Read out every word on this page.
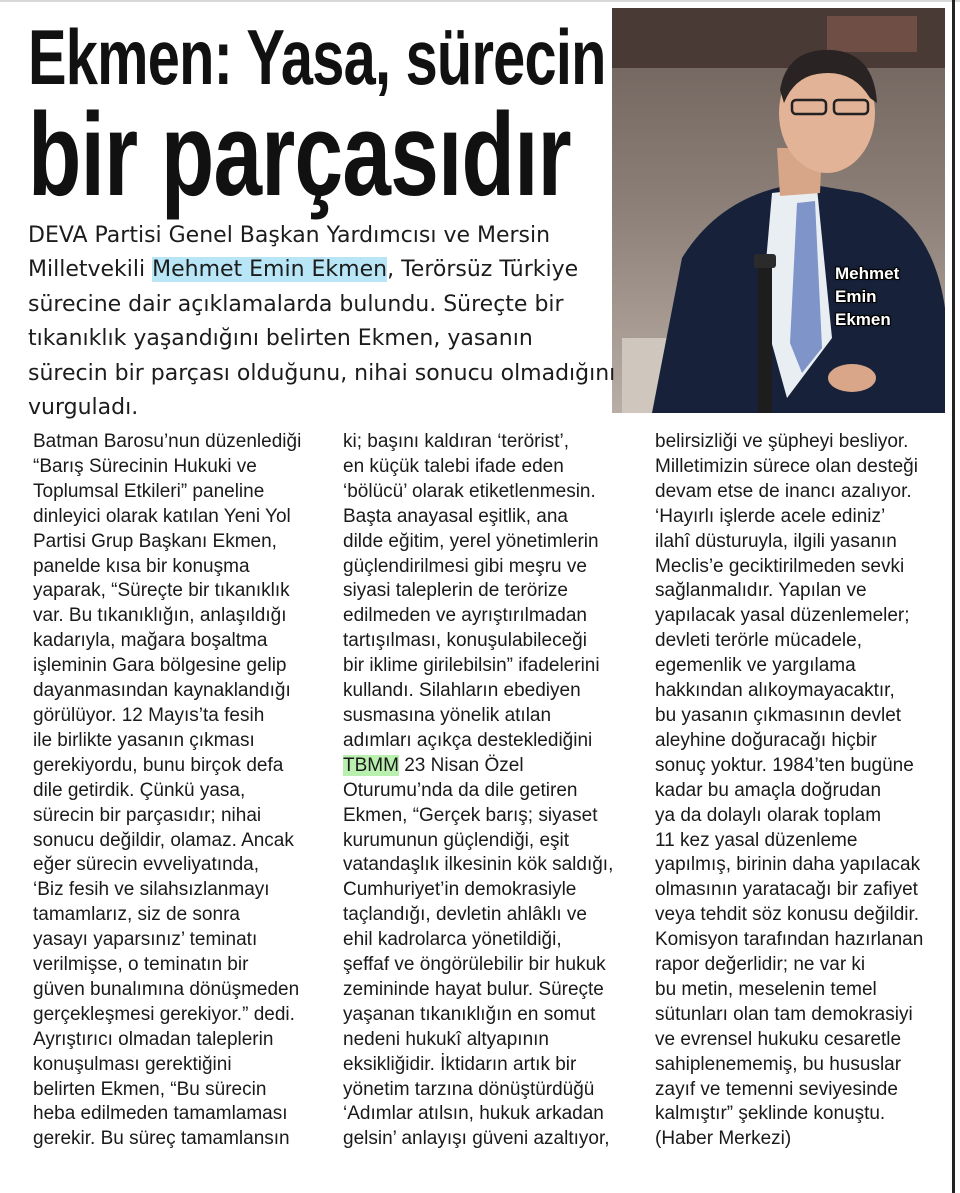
Ekmen: Yasa, sürecin
bir parçasıdır
Mehmet
Emin
Ekmen

DEVA Partisi Genel Başkan Yardımcısı ve Mersin Milletvekili Mehmet Emin Ekmen, Terörsüz Türkiye sürecine dair açıklamalarda bulundu. Süreçte bir tıkanıklık yaşandığını belirten Ekmen, yasanın sürecin bir parçası olduğunu, nihai sonucu olmadığını vurguladı.

Batman Barosu’nun düzenlediği
“Barış Sürecinin Hukuki ve
Toplumsal Etkileri” paneline
dinleyici olarak katılan Yeni Yol
Partisi Grup Başkanı Ekmen,
panelde kısa bir konuşma
yaparak, “Süreçte bir tıkanıklık
var. Bu tıkanıklığın, anlaşıldığı
kadarıyla, mağara boşaltma
işleminin Gara bölgesine gelip
dayanmasından kaynaklandığı
görülüyor. 12 Mayıs’ta fesih
ile birlikte yasanın çıkması
gerekiyordu, bunu birçok defa
dile getirdik. Çünkü yasa,
sürecin bir parçasıdır; nihai
sonucu değildir, olamaz. Ancak
eğer sürecin evveliyatında,
‘Biz fesih ve silahsızlanmayı
tamamlarız, siz de sonra
yasayı yaparsınız’ teminatı
verilmişse, o teminatın bir
güven bunalımına dönüşmeden
gerçekleşmesi gerekiyor.” dedi.
Ayrıştırıcı olmadan taleplerin
konuşulması gerektiğini
belirten Ekmen, “Bu sürecin
heba edilmeden tamamlaması
gerekir. Bu süreç tamamlansın
ki; başını kaldıran ‘terörist’,
en küçük talebi ifade eden
‘bölücü’ olarak etiketlenmesin.
Başta anayasal eşitlik, ana
dilde eğitim, yerel yönetimlerin
güçlendirilmesi gibi meşru ve
siyasi taleplerin de terörize
edilmeden ve ayrıştırılmadan
tartışılması, konuşulabileceği
bir iklime girilebilsin” ifadelerini
kullandı. Silahların ebediyen
susmasına yönelik atılan
adımları açıkça desteklediğini
TBMM 23 Nisan Özel
Oturumu’nda da dile getiren
Ekmen, “Gerçek barış; siyaset
kurumunun güçlendiği, eşit
vatandaşlık ilkesinin kök saldığı,
Cumhuriyet’in demokrasiyle
taçlandığı, devletin ahlâklı ve
ehil kadrolarca yönetildiği,
şeffaf ve öngörülebilir bir hukuk
zemininde hayat bulur. Süreçte
yaşanan tıkanıklığın en somut
nedeni hukukî altyapının
eksikliğidir. İktidarın artık bir
yönetim tarzına dönüştürdüğü
‘Adımlar atılsın, hukuk arkadan
gelsin’ anlayışı güveni azaltıyor,
belirsizliği ve şüpheyi besliyor.
Milletimizin sürece olan desteği
devam etse de inancı azalıyor.
‘Hayırlı işlerde acele ediniz’
ilahî düsturuyla, ilgili yasanın
Meclis’e geciktirilmeden sevki
sağlanmalıdır. Yapılan ve
yapılacak yasal düzenlemeler;
devleti terörle mücadele,
egemenlik ve yargılama
hakkından alıkoymayacaktır,
bu yasanın çıkmasının devlet
aleyhine doğuracağı hiçbir
sonuç yoktur. 1984’ten bugüne
kadar bu amaçla doğrudan
ya da dolaylı olarak toplam
11 kez yasal düzenleme
yapılmış, birinin daha yapılacak
olmasının yaratacağı bir zafiyet
veya tehdit söz konusu değildir.
Komisyon tarafından hazırlanan
rapor değerlidir; ne var ki
bu metin, meselenin temel
sütunları olan tam demokrasiyi
ve evrensel hukuku cesaretle
sahiplenememiş, bu hususlar
zayıf ve temenni seviyesinde
kalmıştır” şeklinde konuştu.
(Haber Merkezi)
